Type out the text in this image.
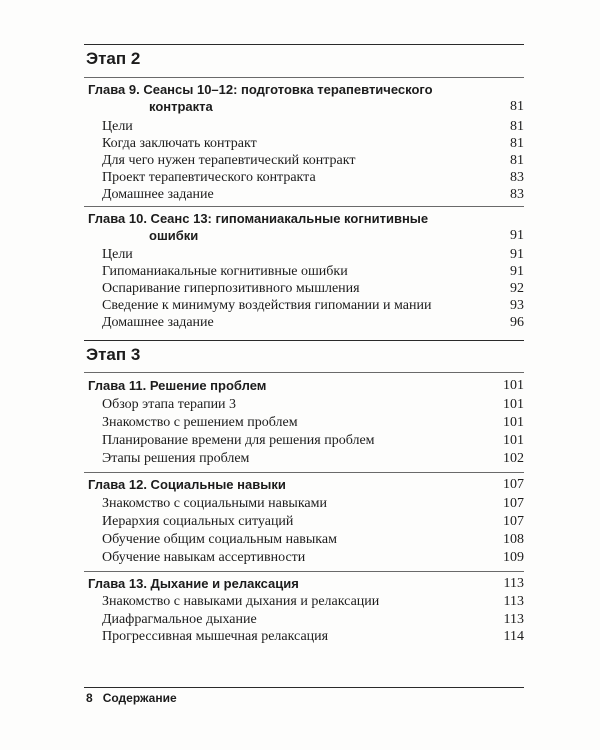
Этап 2
Глава 9. Сеансы 10–12: подготовка терапевтического
контракта	81
Цели	81
Когда заключать контракт	81
Для чего нужен терапевтический контракт	81
Проект терапевтического контракта	83
Домашнее задание	83
Глава 10. Сеанс 13: гипоманиакальные когнитивные
ошибки	91
Цели	91
Гипоманиакальные когнитивные ошибки	91
Оспаривание гиперпозитивного мышления	92
Сведение к минимуму воздействия гипомании и мании	93
Домашнее задание	96
Этап 3
Глава 11. Решение проблем	101
Обзор этапа терапии 3	101
Знакомство с решением проблем	101
Планирование времени для решения проблем	101
Этапы решения проблем	102
Глава 12. Социальные навыки	107
Знакомство с социальными навыками	107
Иерархия социальных ситуаций	107
Обучение общим социальным навыкам	108
Обучение навыкам ассертивности	109
Глава 13. Дыхание и релаксация	113
Знакомство с навыками дыхания и релаксации	113
Диафрагмальное дыхание	113
Прогрессивная мышечная релаксация	114
8 Содержание
